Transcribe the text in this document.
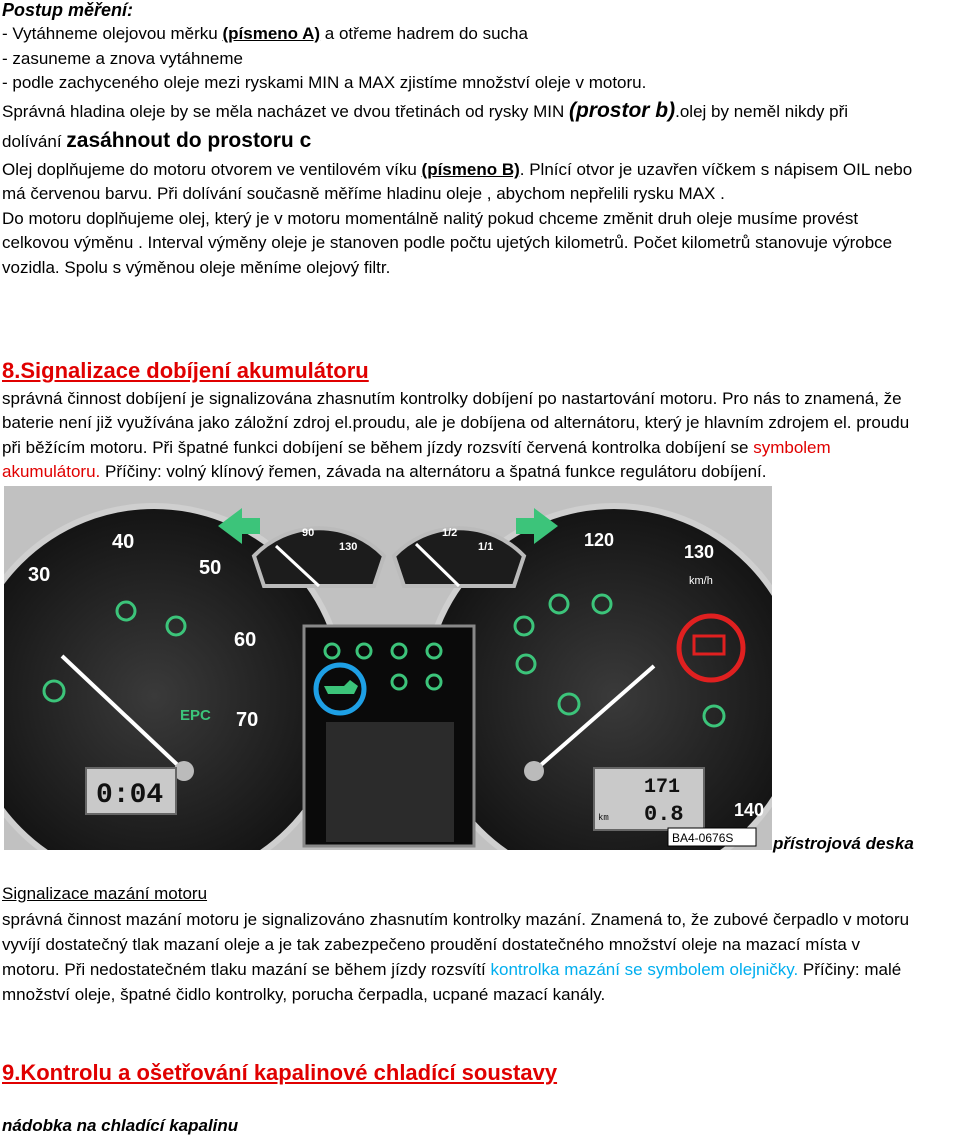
Postup měření:
- Vytáhneme olejovou měrku (písmeno A) a otřeme hadrem do sucha
- zasuneme a znova vytáhneme
- podle zachyceného oleje mezi ryskami MIN a MAX zjistíme množství oleje v motoru.
Správná hladina oleje by se měla nacházet ve dvou třetinách od rysky MIN (prostor b).olej by neměl nikdy při
dolívání zasáhnout do prostoru c
Olej doplňujeme do motoru otvorem ve ventilovém víku (písmeno B). Plnící otvor je uzavřen víčkem s nápisem OIL nebo
má červenou barvu. Při dolívání současně měříme hladinu oleje , abychom nepřelili rysku MAX .
Do motoru doplňujeme olej, který je v motoru momentálně nalitý pokud chceme změnit druh oleje musíme provést
celkovou výměnu . Interval výměny oleje je stanoven podle počtu ujetých kilometrů. Počet kilometrů stanovuje výrobce
vozidla. Spolu s výměnou oleje měníme olejový filtr.
8.Signalizace dobíjení akumulátoru
správná činnost dobíjení je signalizována zhasnutím kontrolky dobíjení po nastartování motoru. Pro nás to znamená, že
baterie není již využívána jako záložní zdroj el.proudu, ale je dobíjena od alternátoru, který je hlavním zdrojem el. proudu
při běžícím motoru. Při špatné funkci dobíjení se během jízdy rozsvítí červená kontrolka dobíjení se symbolem
akumulátoru. Příčiny: volný klínový řemen, závada na alternátoru a špatná funkce regulátoru dobíjení.
90
130
1/2
1/1
30
40
50
60
70
120
130
140
km/h
EPC
0:04	171
0.8
km
BA4-0676S přístrojová deska
Signalizace mazání motoru
správná činnost mazání motoru je signalizováno zhasnutím kontrolky mazání. Znamená to, že zubové čerpadlo v motoru
vyvíjí dostatečný tlak mazaní oleje a je tak zabezpečeno proudění dostatečného množství oleje na mazací místa v
motoru. Při nedostatečném tlaku mazání se během jízdy rozsvítí kontrolka mazání se symbolem olejničky. Příčiny: malé
množství oleje, špatné čidlo kontrolky, porucha čerpadla, ucpané mazací kanály.
9.Kontrolu a ošetřování kapalinové chladící soustavy
nádobka na chladící kapalinu
